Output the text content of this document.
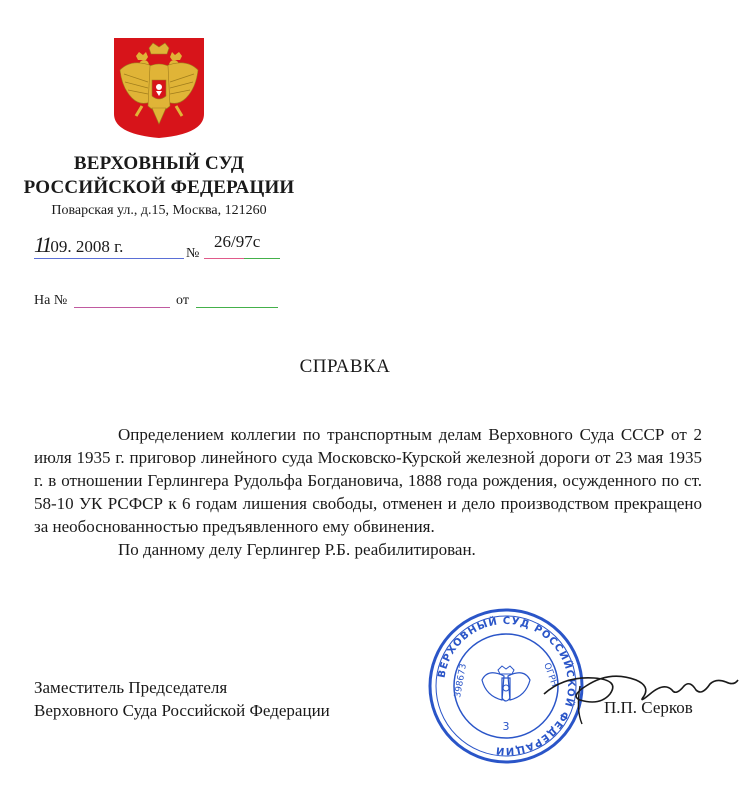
ВЕРХОВНЫЙ СУД
РОССИЙСКОЙ ФЕДЕРАЦИИ
Поварская ул., д.15, Москва, 121260
1109. 2008 г.	№
26/97с
На №	от
СПРАВКА

Определением коллегии по транспортным делам Верховного Суда СССР от 2 июля 1935 г. приговор линейного суда Московско-Курской железной дороги от 23 мая 1935 г. в отношении Герлингера Рудольфа Богдановича, 1888 года рождения, осужденного по ст. 58-10 УК РСФСР к 6 годам лишения свободы, отменен и дело производством прекращено за необоснованностью предъявленного ему обвинения.

По данному делу Герлингер Р.Б. реабилитирован.

ВЕРХОВНЫЙ СУД РОССИЙСКОЙ ФЕДЕРАЦИИ
ОГРН
398673
3
Заместитель Председателя
Верховного Суда Российской Федерации	П.П. Серков
